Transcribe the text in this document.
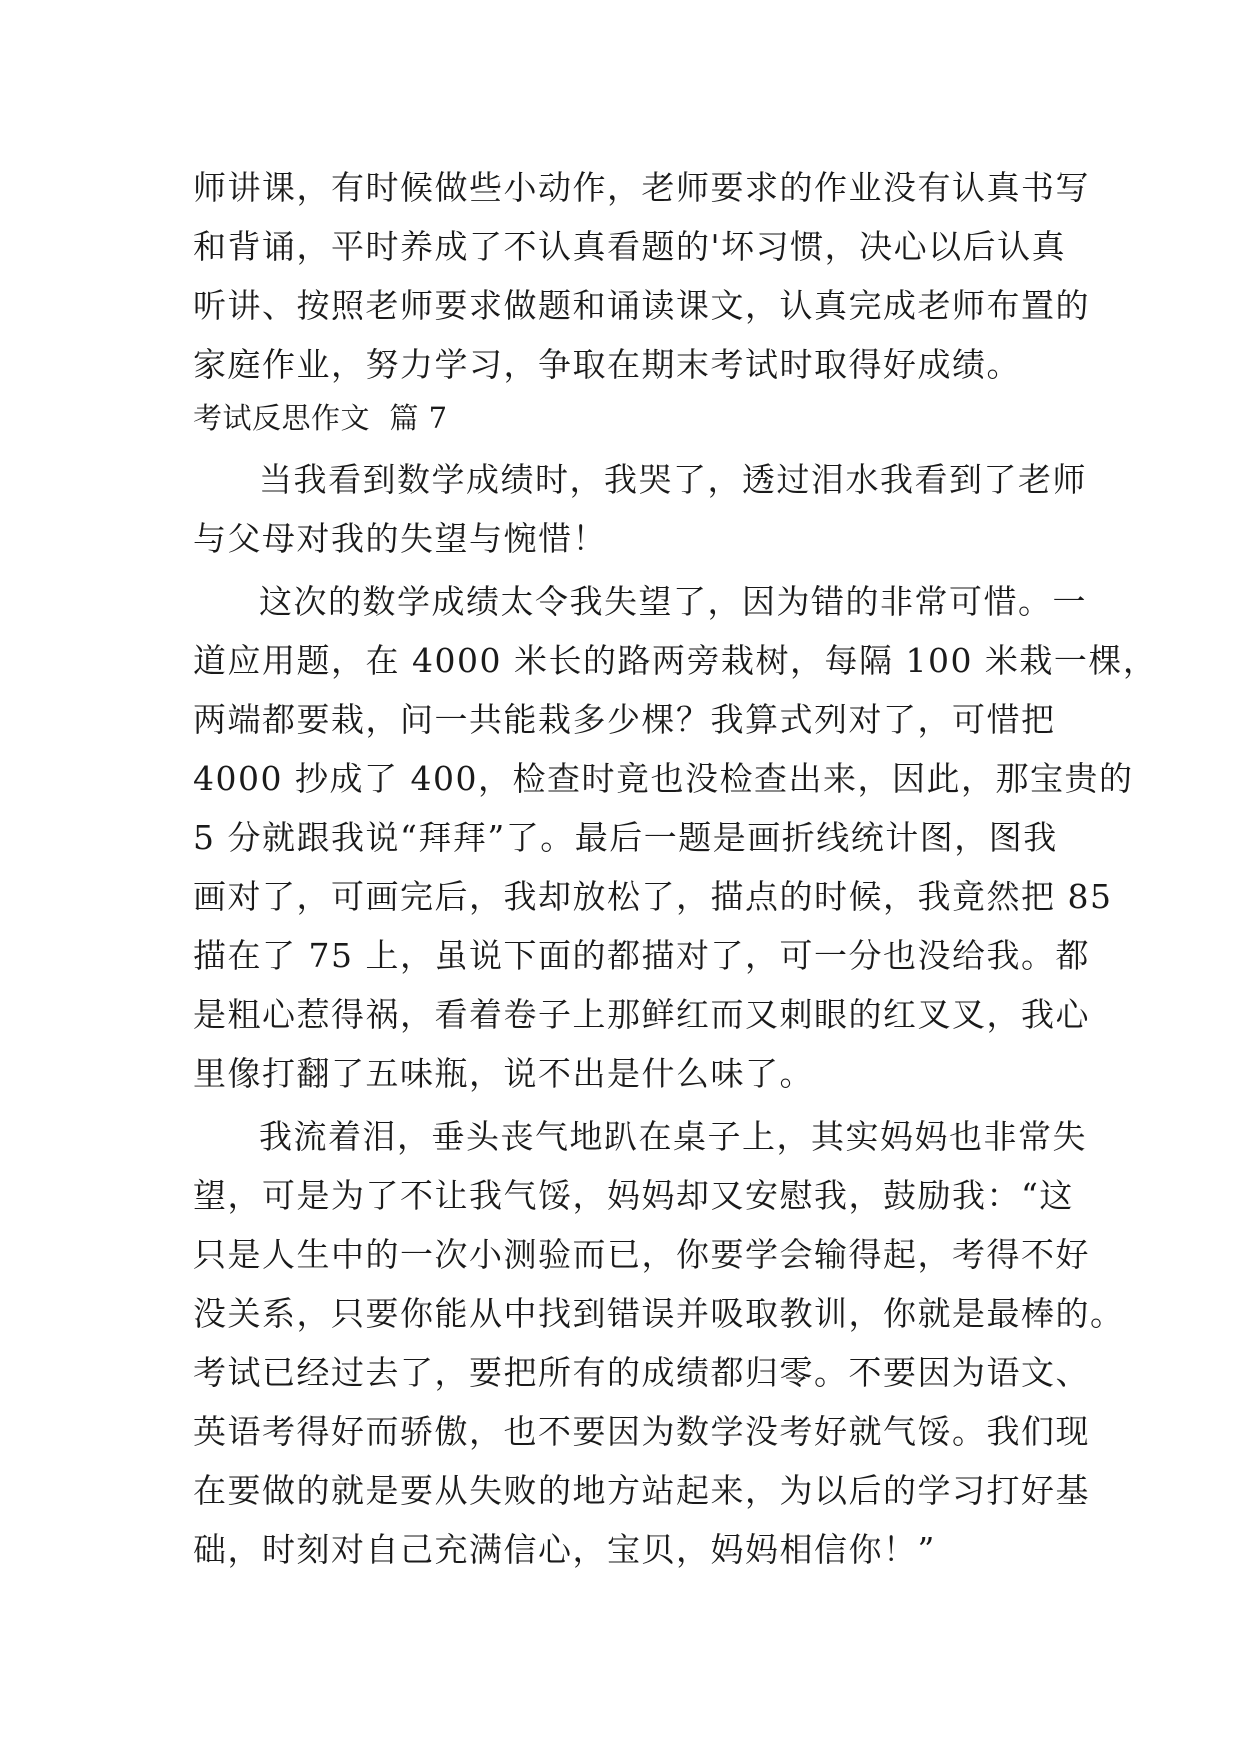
师讲课，有时候做些小动作，老师要求的作业没有认真书写
和背诵，平时养成了不认真看题的'坏习惯，决心以后认真
听讲、按照老师要求做题和诵读课文，认真完成老师布置的
家庭作业，努力学习，争取在期末考试时取得好成绩。
考试反思作文  篇 7
当我看到数学成绩时，我哭了，透过泪水我看到了老师
与父母对我的失望与惋惜！
这次的数学成绩太令我失望了，因为错的非常可惜。一
道应用题，在 4000 米长的路两旁栽树，每隔 100 米栽一棵，
两端都要栽，问一共能栽多少棵？我算式列对了，可惜把
4000 抄成了 400，检查时竟也没检查出来，因此，那宝贵的
5 分就跟我说“拜拜”了。最后一题是画折线统计图，图我
画对了，可画完后，我却放松了，描点的时候，我竟然把 85
描在了 75 上，虽说下面的都描对了，可一分也没给我。都
是粗心惹得祸，看着卷子上那鲜红而又刺眼的红叉叉，我心
里像打翻了五味瓶，说不出是什么味了。
我流着泪，垂头丧气地趴在桌子上，其实妈妈也非常失
望，可是为了不让我气馁，妈妈却又安慰我，鼓励我：“这
只是人生中的一次小测验而已，你要学会输得起，考得不好
没关系，只要你能从中找到错误并吸取教训，你就是最棒的。
考试已经过去了，要把所有的成绩都归零。不要因为语文、
英语考得好而骄傲，也不要因为数学没考好就气馁。我们现
在要做的就是要从失败的地方站起来，为以后的学习打好基
础，时刻对自己充满信心，宝贝，妈妈相信你！”
